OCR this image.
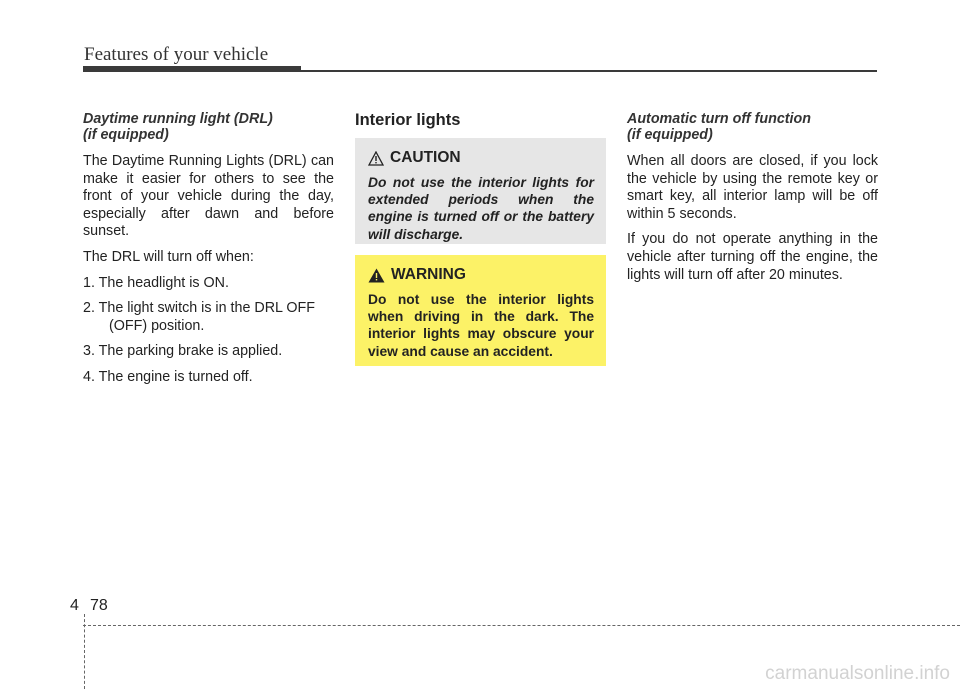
Features of your vehicle
Daytime running light (DRL)
(if equipped)

The Daytime Running Lights (DRL) can make it easier for others to see the front of your vehicle during the day, especially after dawn and before sunset.

The DRL will turn off when:

1. The headlight is ON.
2. The light switch is in the DRL OFF
(OFF) position.
3. The parking brake is applied.
4. The engine is turned off.
Interior lights
CAUTION
Do not use the interior lights for extended periods when the engine is turned off or the battery will discharge.
WARNING
Do not use the interior lights when driving in the dark. The interior lights may obscure your view and cause an accident.
Automatic turn off function
(if equipped)

When all doors are closed, if you lock the vehicle by using the remote key or smart key, all interior lamp will be off within 5 seconds.

If you do not operate anything in the vehicle after turning off the engine, the lights will turn off after 20 minutes.

4 78
carmanualsonline.info
